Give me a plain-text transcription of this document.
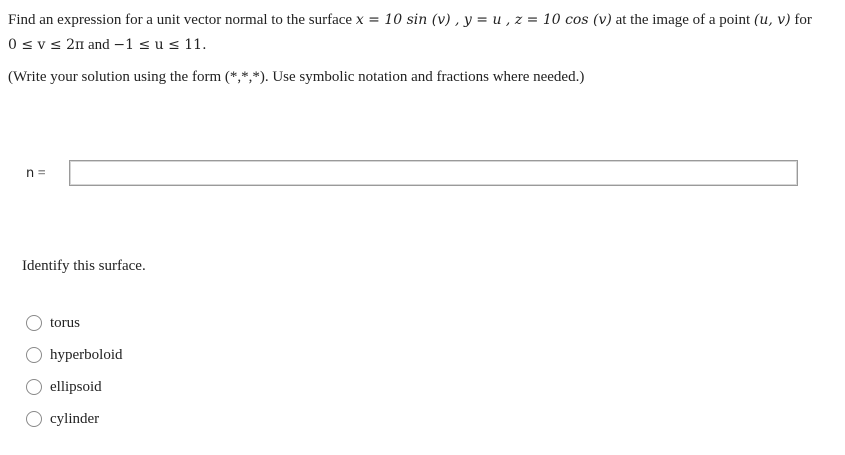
Find an expression for a unit vector normal to the surface x = 10 sin (v) , y = u , z = 10 cos (v) at the image of a point (u, v) for
0 ≤ v ≤ 2π and −1 ≤ u ≤ 11.
(Write your solution using the form (*,*,*). Use symbolic notation and fractions where needed.)
n =
Identify this surface.
torus
hyperboloid
ellipsoid
cylinder
